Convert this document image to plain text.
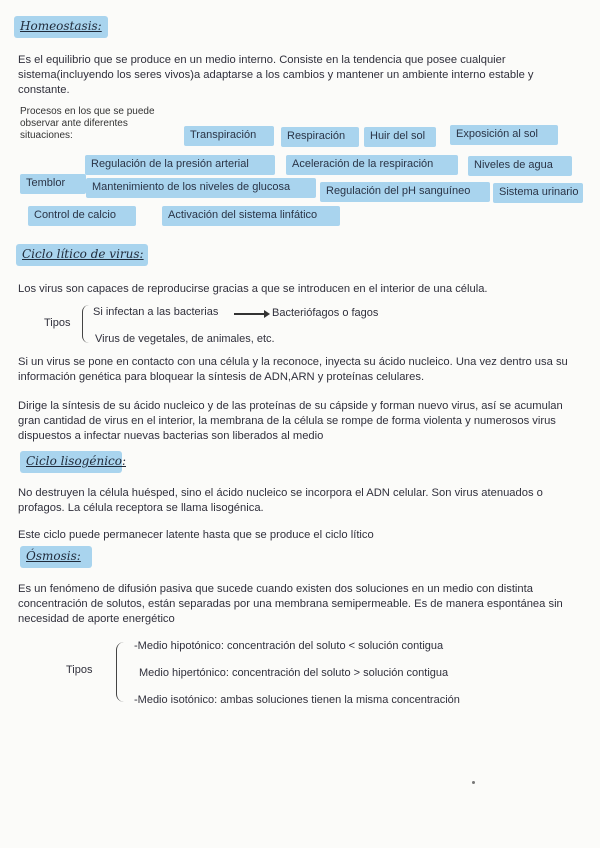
Homeostasis:
Es el equilibrio que se produce en un medio interno. Consiste en la tendencia que posee cualquier sistema(incluyendo los seres vivos)a adaptarse a los cambios y mantener un ambiente interno estable y constante.
Procesos en los que se puede observar ante diferentes situaciones:	Transpiración	Respiración	Huir del sol	Exposición al sol
Regulación de la presión arterial	Aceleración de la respiración	Niveles de agua
Temblor	Mantenimiento de los niveles de glucosa	Regulación del pH sanguíneo	Sistema urinario
Control de calcio	Activación del sistema linfático
Ciclo lítico de virus:
Los virus son capaces de reproducirse gracias a que se introducen en el interior de una célula.
Tipos
Si infectan a las bacterias	Bacteriófagos o fagos
Virus de vegetales, de animales, etc.
Si un virus se pone en contacto con una célula y la reconoce, inyecta su ácido nucleico. Una vez dentro usa su información genética para bloquear la síntesis de ADN,ARN y proteínas celulares.
Dirige la síntesis de su ácido nucleico y de las proteínas de su cápside y forman nuevo virus, así se acumulan gran cantidad de virus en el interior, la membrana de la célula se rompe de forma violenta y numerosos virus dispuestos a infectar nuevas bacterias son liberados al medio
Ciclo lisogénico:
No destruyen la célula huésped, sino el ácido nucleico se incorpora el ADN celular. Son virus atenuados o profagos. La célula receptora se llama lisogénica.
Este ciclo puede permanecer latente hasta que se produce el ciclo lítico
Ósmosis:
Es un fenómeno de difusión pasiva que sucede cuando existen dos soluciones en un medio con distinta concentración de solutos, están separadas por una membrana semipermeable. Es de manera espontánea sin necesidad de aporte energético
Tipos
-Medio hipotónico: concentración del soluto < solución contigua
Medio hipertónico: concentración del soluto > solución contigua
-Medio isotónico: ambas soluciones tienen la misma concentración
